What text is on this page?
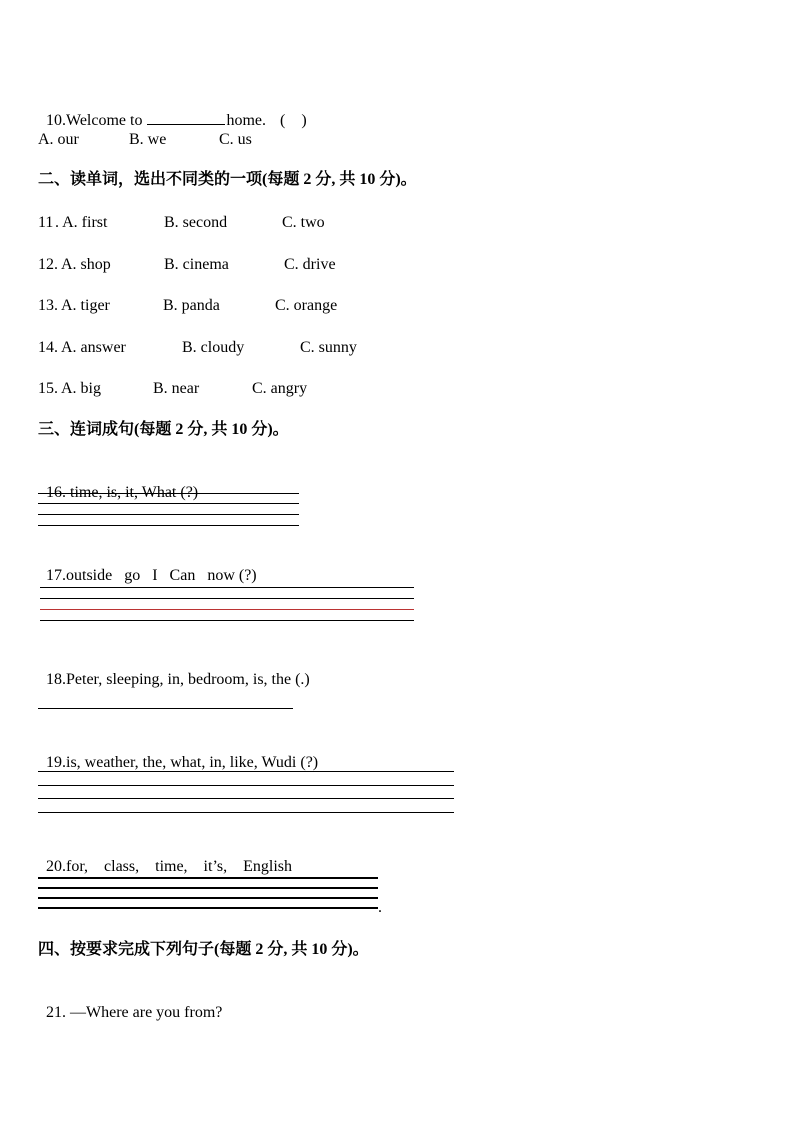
10.Welcome to	home. (    )

A. our	B. we	C. us
二、读单词，选出不同类的一项(每题 2 分, 共 10 分)。
11 . A. first	B. second	C. two
12. A. shop	B. cinema	C. drive
13. A. tiger	B. panda	C. orange
14. A. answer	B. cloudy	C. sunny
15. A. big	B. near	C. angry
三、连词成句(每题 2 分, 共 10 分)。

16. time, is, it, What (?)

17.outside   go   I   Can   now (?)

18.Peter, sleeping, in, bedroom, is, the (.)

19.is, weather, the, what, in, like, Wudi (?)

20.for,    class,    time,    it’s,    English

.
四、按要求完成下列句子(每题 2 分, 共 10 分)。

21. —Where are you from?
